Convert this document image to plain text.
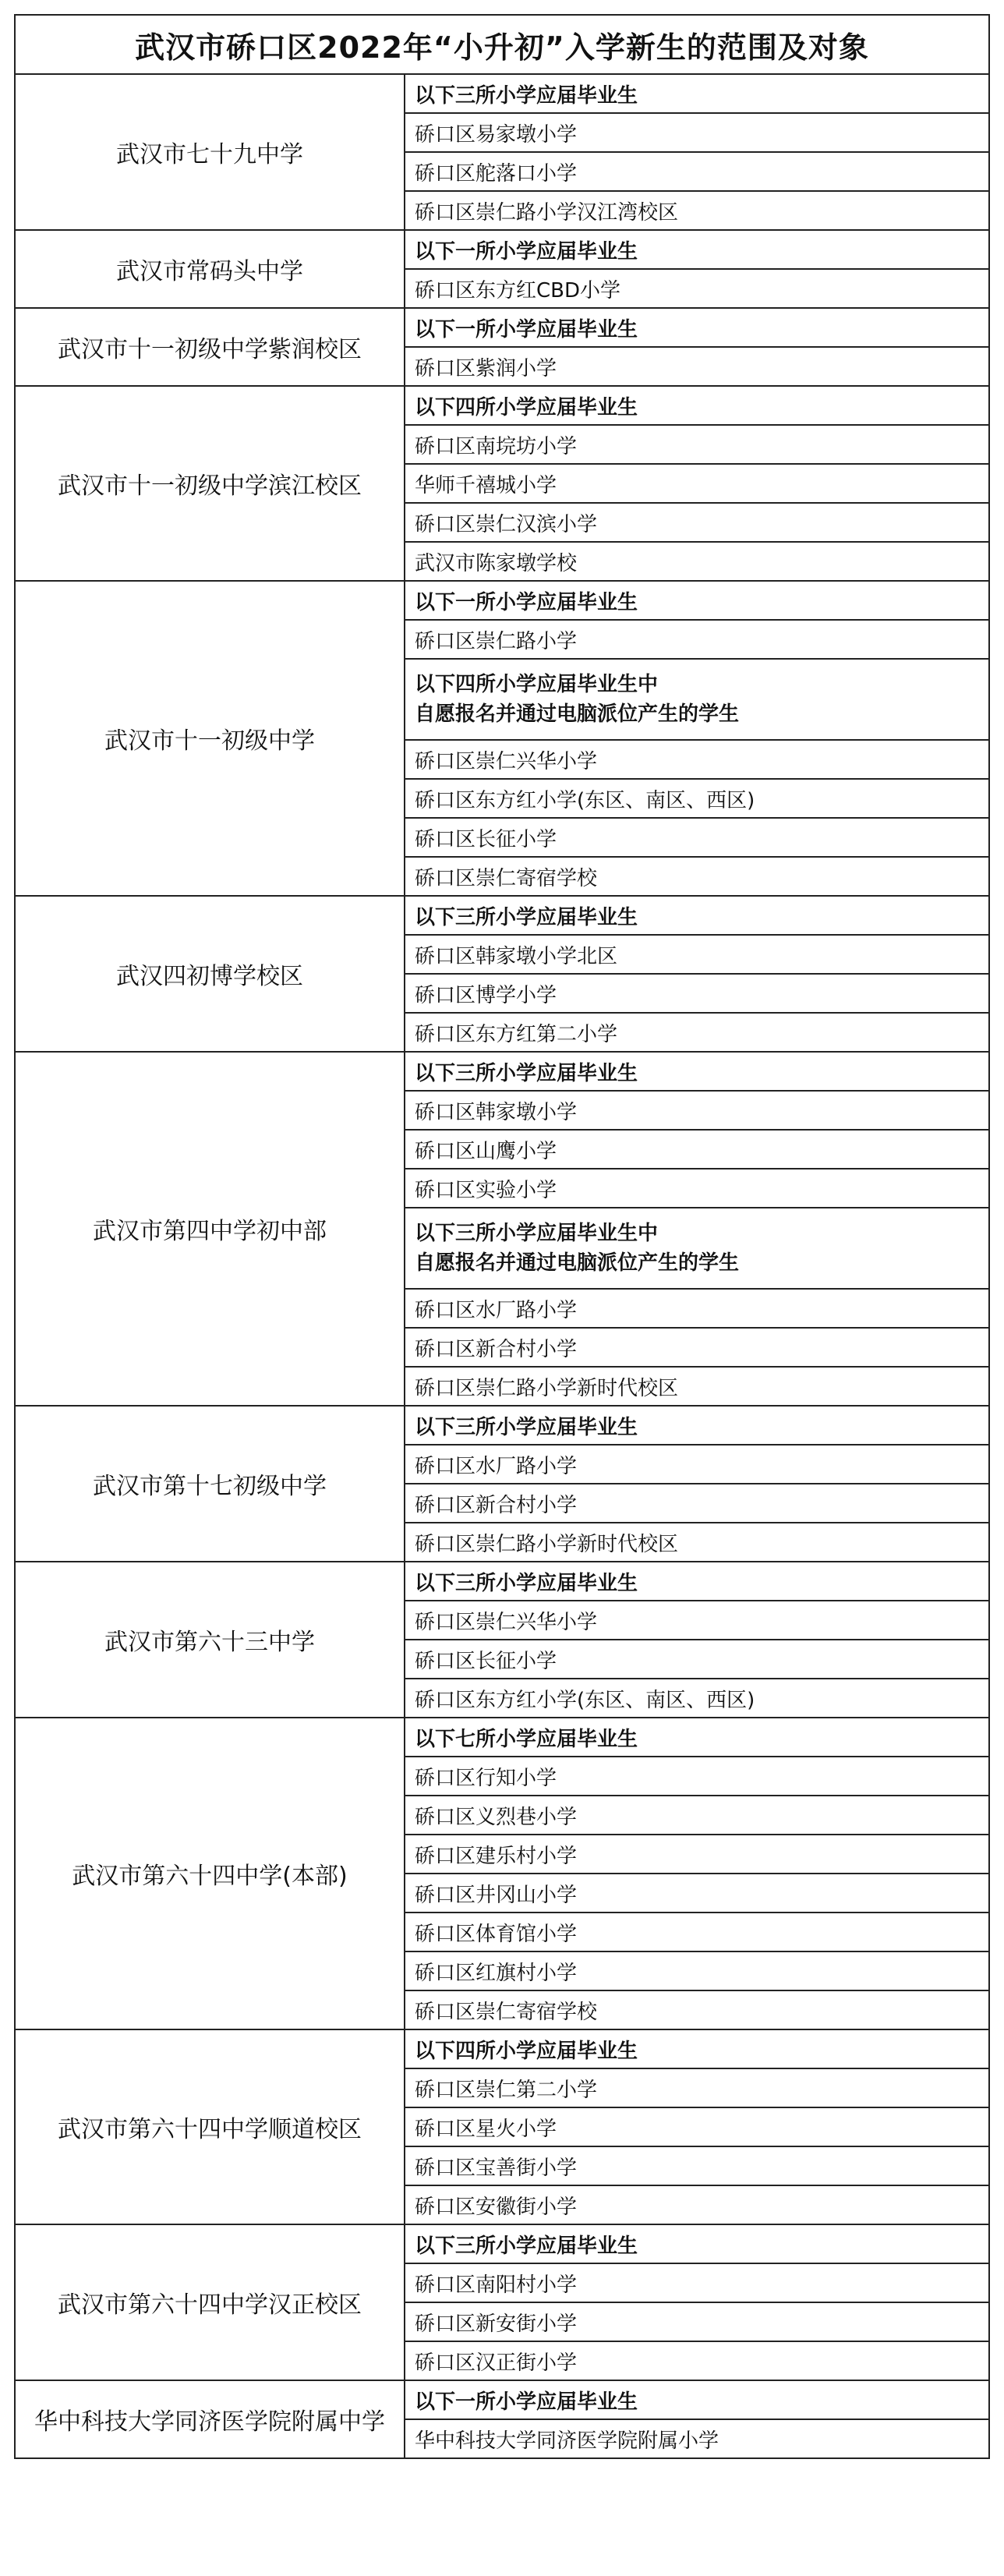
武汉市硚口区2022年“小升初”入学新生的范围及对象
武汉市七十九中学	以下三所小学应届毕业生
	硚口区易家墩小学
	硚口区舵落口小学
	硚口区崇仁路小学汉江湾校区
武汉市常码头中学	以下一所小学应届毕业生
	硚口区东方红CBD小学
武汉市十一初级中学紫润校区	以下一所小学应届毕业生
	硚口区紫润小学
武汉市十一初级中学滨江校区	以下四所小学应届毕业生
	硚口区南垸坊小学
	华师千禧城小学
	硚口区崇仁汉滨小学
	武汉市陈家墩学校
武汉市十一初级中学	以下一所小学应届毕业生
	硚口区崇仁路小学
	以下四所小学应届毕业生中
自愿报名并通过电脑派位产生的学生
	硚口区崇仁兴华小学
	硚口区东方红小学(东区、南区、西区)
	硚口区长征小学
	硚口区崇仁寄宿学校
武汉四初博学校区	以下三所小学应届毕业生
	硚口区韩家墩小学北区
	硚口区博学小学
	硚口区东方红第二小学
武汉市第四中学初中部	以下三所小学应届毕业生
	硚口区韩家墩小学
	硚口区山鹰小学
	硚口区实验小学
	以下三所小学应届毕业生中
自愿报名并通过电脑派位产生的学生
	硚口区水厂路小学
	硚口区新合村小学
	硚口区崇仁路小学新时代校区
武汉市第十七初级中学	以下三所小学应届毕业生
	硚口区水厂路小学
	硚口区新合村小学
	硚口区崇仁路小学新时代校区
武汉市第六十三中学	以下三所小学应届毕业生
	硚口区崇仁兴华小学
	硚口区长征小学
	硚口区东方红小学(东区、南区、西区)
武汉市第六十四中学(本部)	以下七所小学应届毕业生
	硚口区行知小学
	硚口区义烈巷小学
	硚口区建乐村小学
	硚口区井冈山小学
	硚口区体育馆小学
	硚口区红旗村小学
	硚口区崇仁寄宿学校
武汉市第六十四中学顺道校区	以下四所小学应届毕业生
	硚口区崇仁第二小学
	硚口区星火小学
	硚口区宝善街小学
	硚口区安徽街小学
武汉市第六十四中学汉正校区	以下三所小学应届毕业生
	硚口区南阳村小学
	硚口区新安街小学
	硚口区汉正街小学
华中科技大学同济医学院附属中学	以下一所小学应届毕业生
	华中科技大学同济医学院附属小学
